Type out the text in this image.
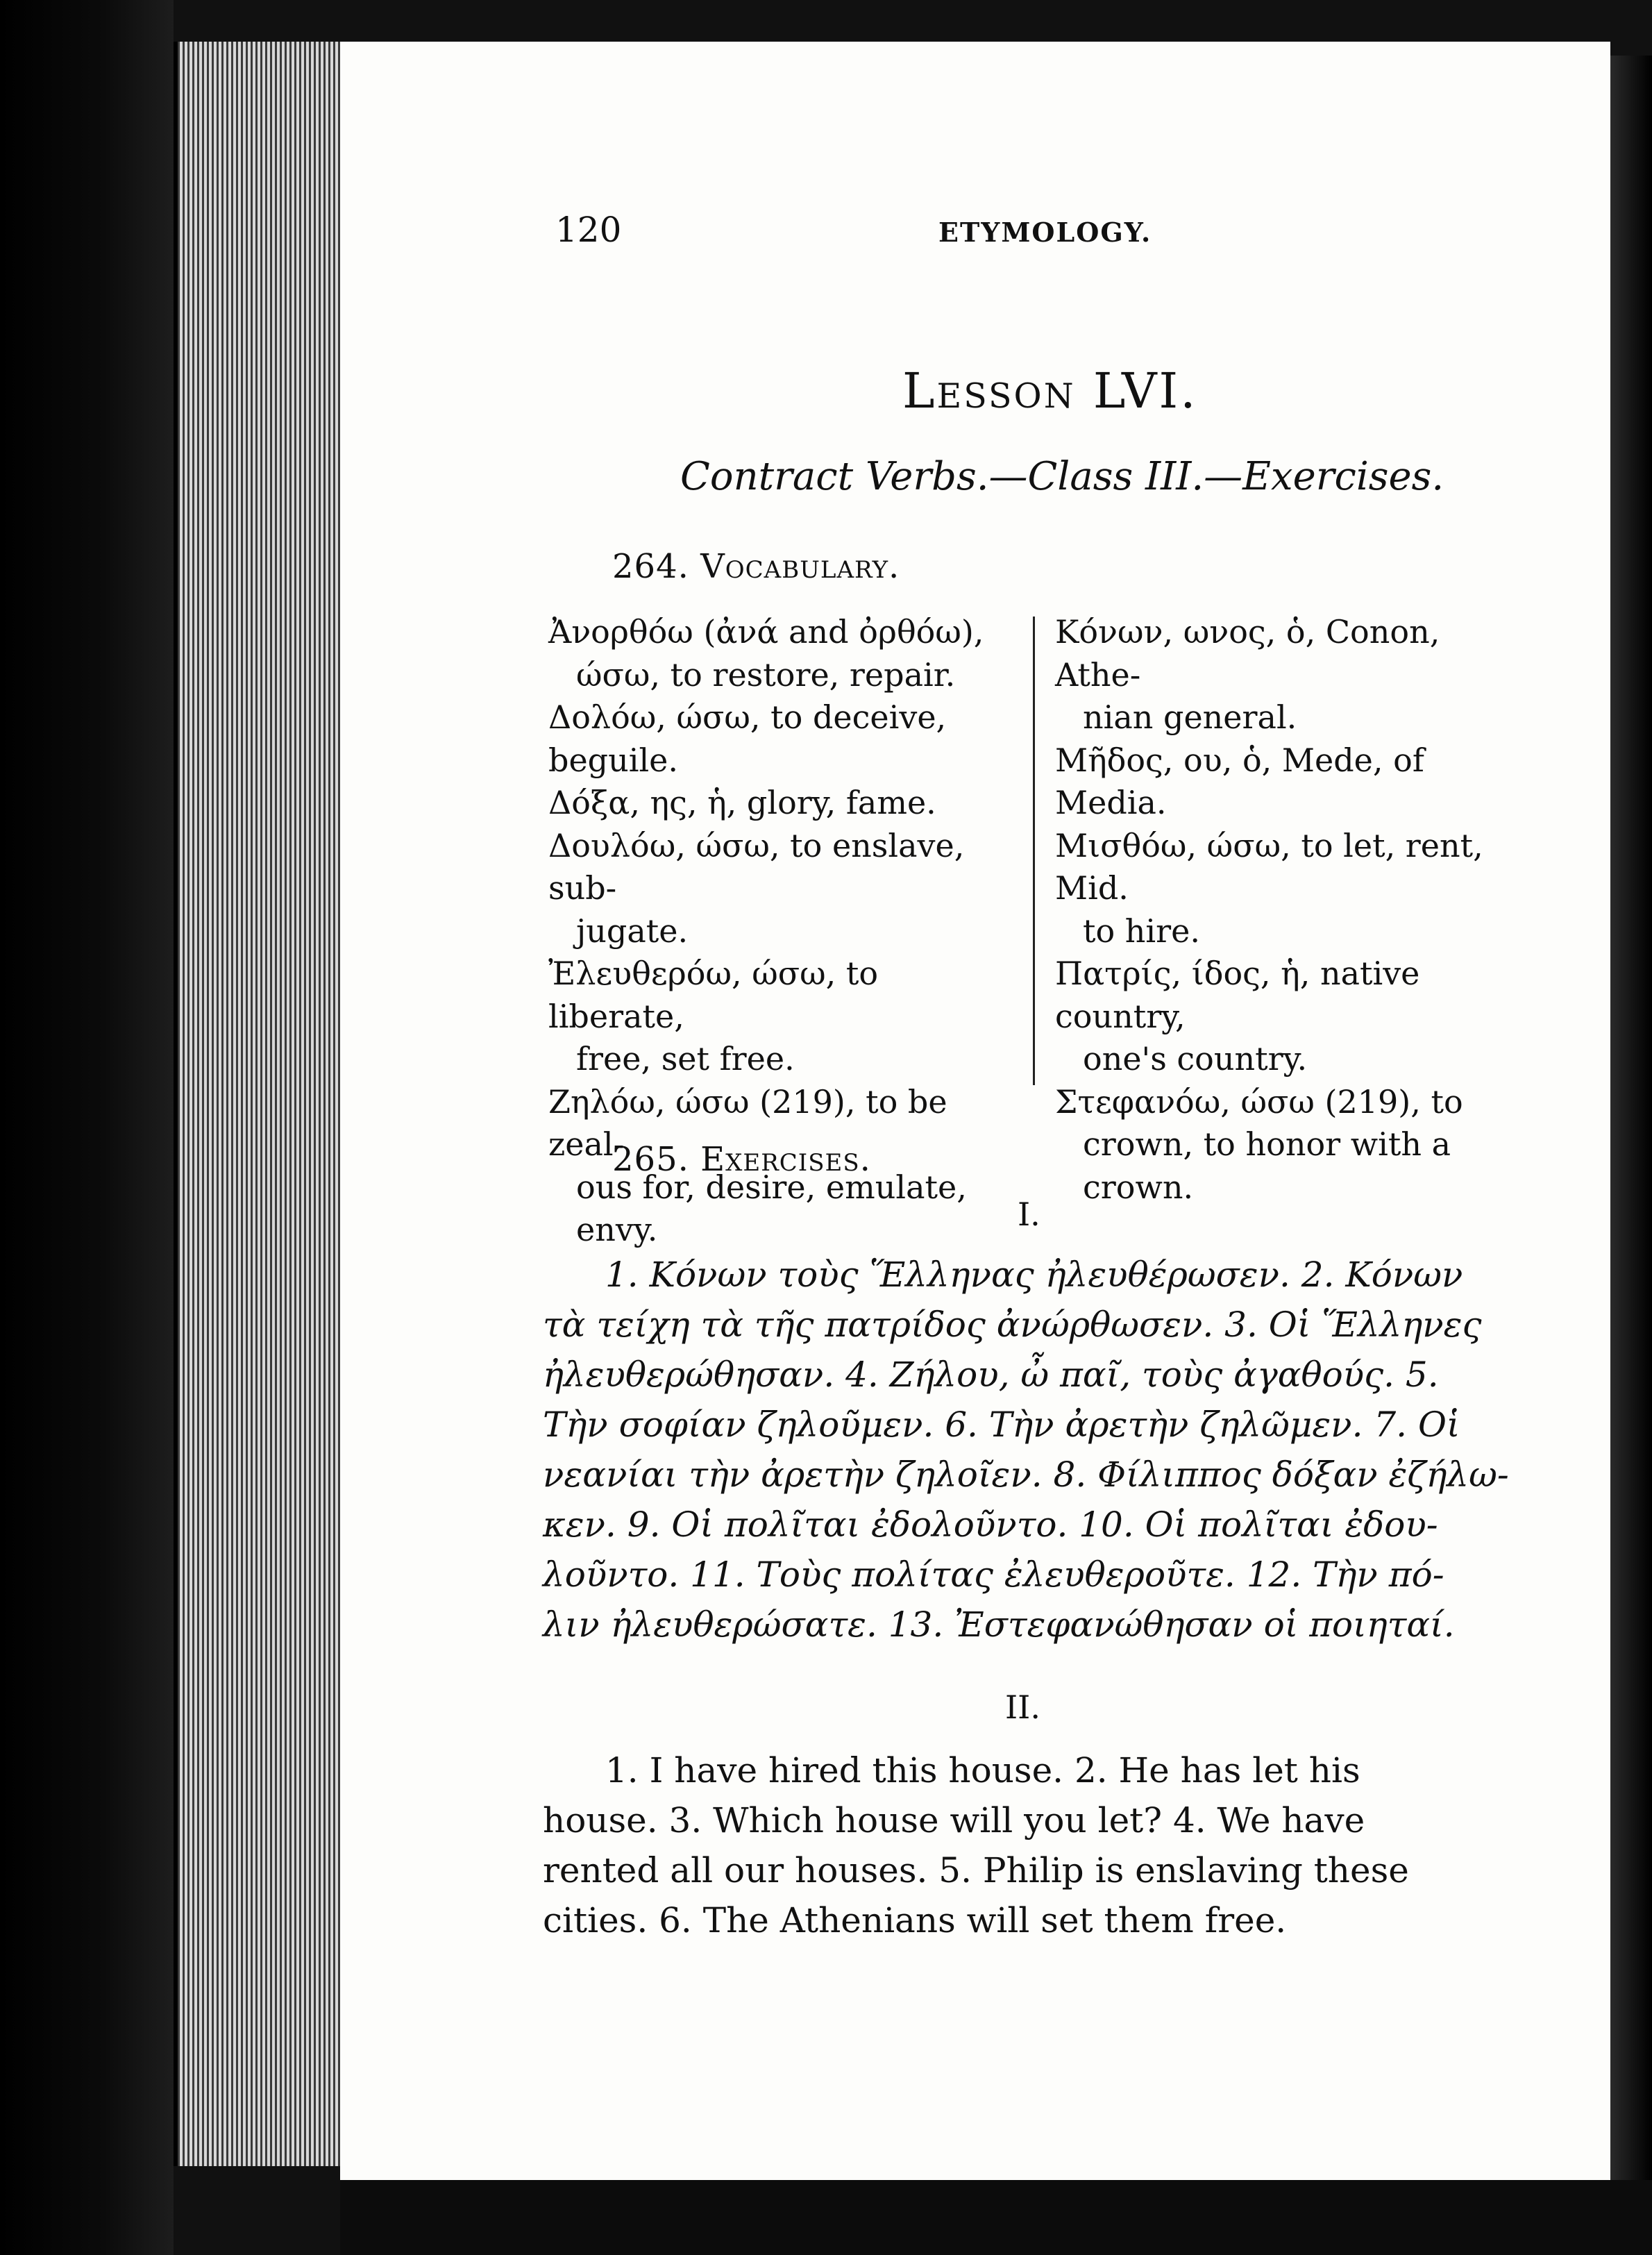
120	ETYMOLOGY.
Lesson LVI.
Contract Verbs.—Class III.—Exercises.
264. Vocabulary.
Ἀνορθόω (ἀνά and ὀρθόω),
ώσω, to restore, repair.
Δολόω, ώσω, to deceive, beguile.
Δόξα, ης, ἡ, glory, fame.
Δουλόω, ώσω, to enslave, sub-
jugate.
Ἐλευθερόω, ώσω, to liberate,
free, set free.
Ζηλόω, ώσω (219), to be zeal-
ous for, desire, emulate, envy.
Κόνων, ωνος, ὁ, Conon, Athe-
nian general.
Μῆδος, ου, ὁ, Mede, of Media.
Μισθόω, ώσω, to let, rent, Mid.
to hire.
Πατρίς, ίδος, ἡ, native country,
one's country.
Στεφανόω, ώσω (219), to
crown, to honor with a
crown.
265. Exercises.
I.
1. Κόνων τοὺς Ἕλληνας ἠλευθέρωσεν. 2. Κόνων
τὰ τείχη τὰ τῆς πατρίδος ἀνώρθωσεν. 3. Οἱ Ἕλληνες
ἠλευθερώθησαν. 4. Ζήλου, ὦ παῖ, τοὺς ἀγαθούς. 5.
Τὴν σοφίαν ζηλοῦμεν. 6. Τὴν ἀρετὴν ζηλῶμεν. 7. Οἱ
νεανίαι τὴν ἀρετὴν ζηλοῖεν. 8. Φίλιππος δόξαν ἐζήλω-
κεν. 9. Οἱ πολῖται ἐδολοῦντο. 10. Οἱ πολῖται ἐδου-
λοῦντο. 11. Τοὺς πολίτας ἐλευθεροῦτε. 12. Τὴν πό-
λιν ἠλευθερώσατε. 13. Ἐστεφανώθησαν οἱ ποιηταί.
II.
1. I have hired this house. 2. He has let his
house. 3. Which house will you let? 4. We have
rented all our houses. 5. Philip is enslaving these
cities. 6. The Athenians will set them free.
